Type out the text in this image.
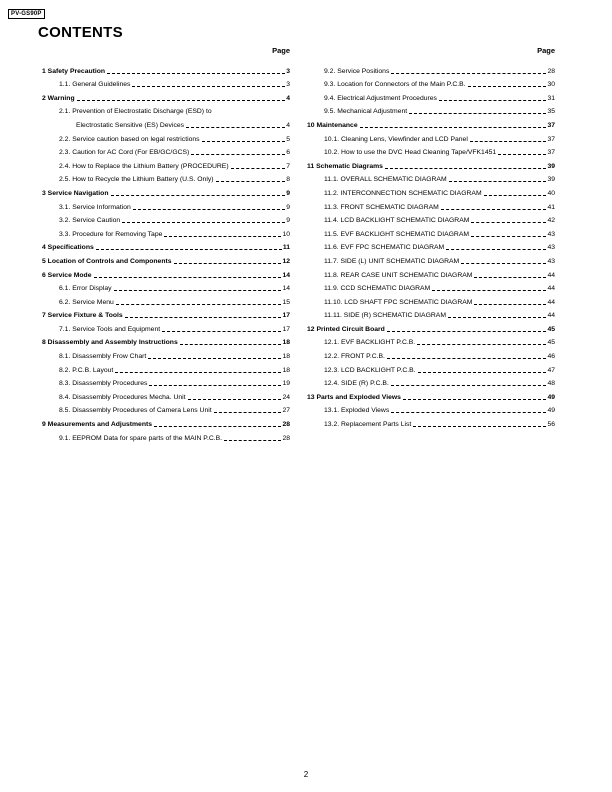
PV-GS90P
CONTENTS
Page
1 Safety Precaution	3
1.1. General Guidelines	3
2 Warning	4
2.1. Prevention of Electrostatic Discharge (ESD) to
Electrostatic Sensitive (ES) Devices	4
2.2. Service caution based on legal restrictions	5
2.3. Caution for AC Cord (For EB/GC/GCS)	6
2.4. How to Replace the Lithium Battery (PROCEDURE)	7
2.5. How to Recycle the Lithium Battery (U.S. Only)	8
3 Service Navigation	9
3.1. Service Information	9
3.2. Service Caution	9
3.3. Procedure for Removing Tape	10
4 Specifications	11
5 Location of Controls and Components	12
6 Service Mode	14
6.1. Error Display	14
6.2. Service Menu	15
7 Service Fixture & Tools	17
7.1. Service Tools and Equipment	17
8 Disassembly and Assembly Instructions	18
8.1. Disassembly Frow Chart	18
8.2. P.C.B. Layout	18
8.3. Disassembly Procedures	19
8.4. Disassembly Procedures Mecha. Unit	24
8.5. Disassembly Procedures of Camera Lens Unit	27
9 Measurements and Adjustments	28
9.1. EEPROM Data for spare parts of the MAIN P.C.B.	28
Page
9.2. Service Positions	28
9.3. Location for Connectors of the Main P.C.B.	30
9.4. Electrical Adjustment Procedures	31
9.5. Mechanical Adjustment	35
10 Maintenance	37
10.1. Cleaning Lens, Viewfinder and LCD Panel	37
10.2. How to use the DVC Head Cleaning Tape/VFK1451	37
11 Schematic Diagrams	39
11.1. OVERALL SCHEMATIC DIAGRAM	39
11.2. INTERCONNECTION SCHEMATIC DIAGRAM	40
11.3. FRONT SCHEMATIC DIAGRAM	41
11.4. LCD BACKLIGHT SCHEMATIC DIAGRAM	42
11.5. EVF BACKLIGHT SCHEMATIC DIAGRAM	43
11.6. EVF FPC SCHEMATIC DIAGRAM	43
11.7. SIDE (L) UNIT SCHEMATIC DIAGRAM	43
11.8. REAR CASE UNIT SCHEMATIC DIAGRAM	44
11.9. CCD SCHEMATIC DIAGRAM	44
11.10. LCD SHAFT FPC SCHEMATIC DIAGRAM	44
11.11. SIDE (R) SCHEMATIC DIAGRAM	44
12 Printed Circuit Board	45
12.1. EVF BACKLIGHT P.C.B.	45
12.2. FRONT P.C.B.	46
12.3. LCD BACKLIGHT P.C.B.	47
12.4. SIDE (R) P.C.B.	48
13 Parts and Exploded Views	49
13.1. Exploded Views	49
13.2. Replacement Parts List	56
2
